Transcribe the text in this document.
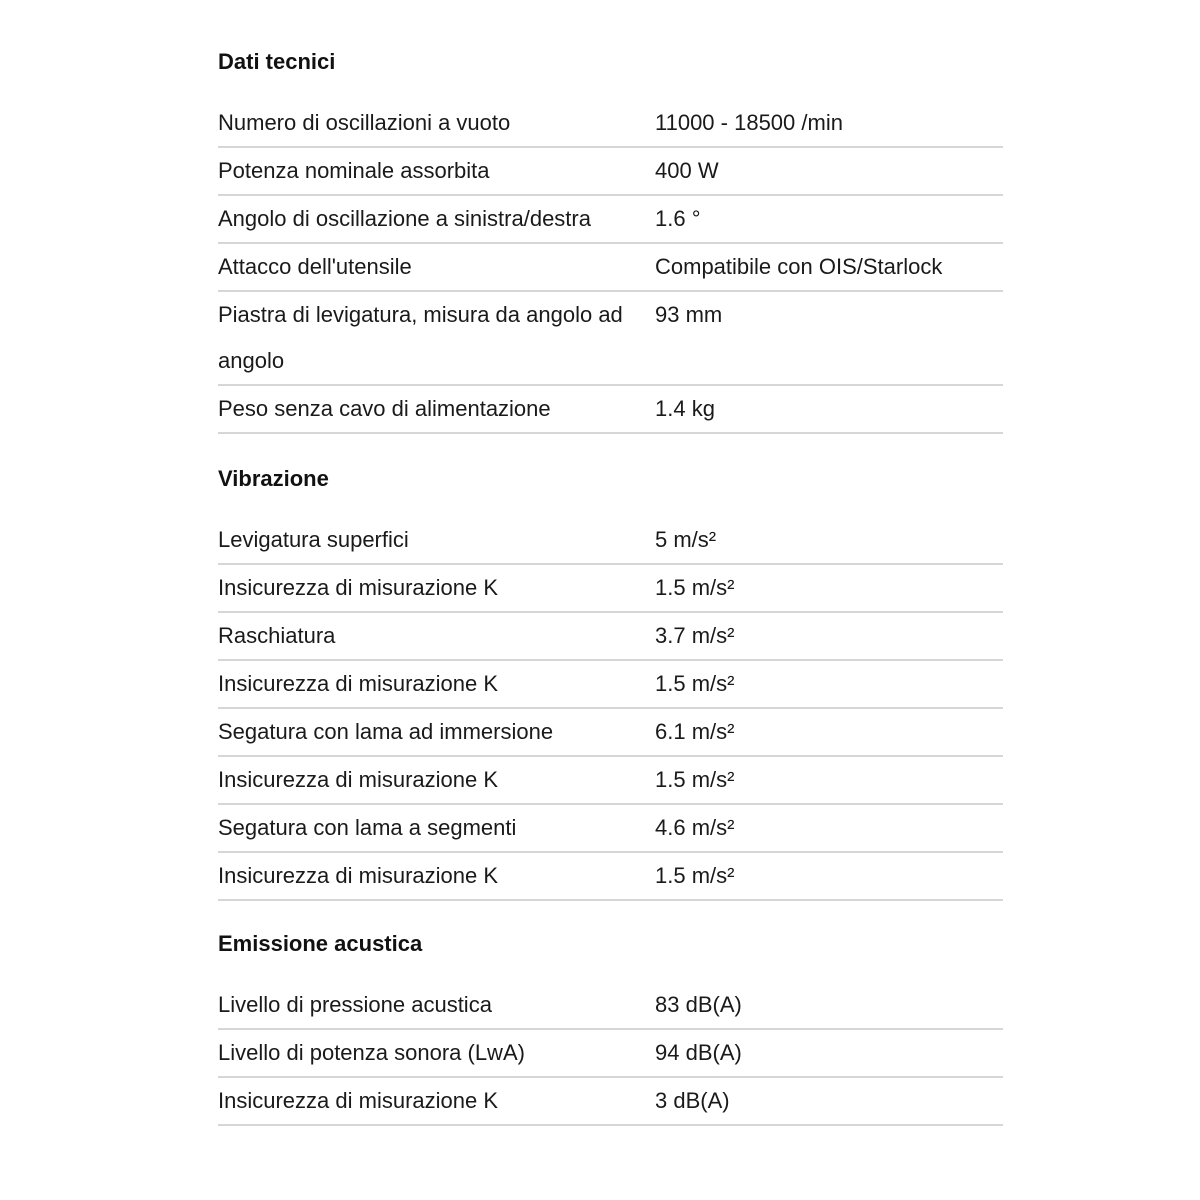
Dati tecnici
Numero di oscillazioni a vuoto	11000 - 18500 /min
Potenza nominale assorbita	400 W
Angolo di oscillazione a sinistra/destra	1.6 °
Attacco dell'utensile	Compatibile con OIS/Starlock
Piastra di levigatura, misura da angolo ad angolo	93 mm
Peso senza cavo di alimentazione	1.4 kg
Vibrazione
Levigatura superfici	5 m/s²
Insicurezza di misurazione K	1.5 m/s²
Raschiatura	3.7 m/s²
Insicurezza di misurazione K	1.5 m/s²
Segatura con lama ad immersione	6.1 m/s²
Insicurezza di misurazione K	1.5 m/s²
Segatura con lama a segmenti	4.6 m/s²
Insicurezza di misurazione K	1.5 m/s²
Emissione acustica
Livello di pressione acustica	83 dB(A)
Livello di potenza sonora (LwA)	94 dB(A)
Insicurezza di misurazione K	3 dB(A)
